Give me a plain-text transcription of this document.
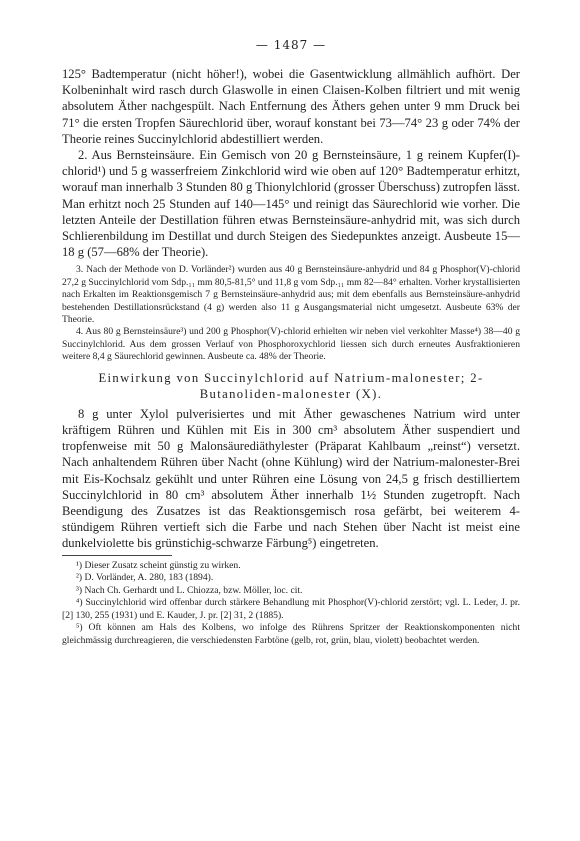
— 1487 —

125° Badtemperatur (nicht höher!), wobei die Gasentwicklung allmählich aufhört. Der Kolbeninhalt wird rasch durch Glaswolle in einen Claisen-Kolben filtriert und mit wenig absolutem Äther nachgespült. Nach Entfernung des Äthers gehen unter 9 mm Druck bei 71° die ersten Tropfen Säurechlorid über, worauf konstant bei 73—74° 23 g oder 74% der Theorie reines Succinylchlorid abdestilliert werden.

2. Aus Bernsteinsäure. Ein Gemisch von 20 g Bernsteinsäure, 1 g reinem Kupfer(I)-chlorid¹) und 5 g wasserfreiem Zinkchlorid wird wie oben auf 120° Badtemperatur erhitzt, worauf man innerhalb 3 Stunden 80 g Thionylchlorid (grosser Überschuss) zutropfen lässt. Man erhitzt noch 25 Stunden auf 140—145° und reinigt das Säurechlorid wie vorher. Die letzten Anteile der Destillation führen etwas Bernsteinsäure-anhydrid mit, was sich durch Schlierenbildung im Destillat und durch Steigen des Siedepunktes anzeigt. Ausbeute 15—18 g (57—68% der Theorie).

3. Nach der Methode von D. Vorländer²) wurden aus 40 g Bernsteinsäure-anhydrid und 84 g Phosphor(V)-chlorid 27,2 g Succinylchlorid vom Sdp.₁₁ mm 80,5-81,5° und 11,8 g vom Sdp.₁₁ mm 82—84° erhalten. Vorher krystallisierten nach Erkalten im Reaktionsgemisch 7 g Bernsteinsäure-anhydrid aus; mit dem ebenfalls aus Bernsteinsäure-anhydrid bestehenden Destillationsrückstand (4 g) werden also 11 g Ausgangsmaterial nicht umgesetzt. Ausbeute 63% der Theorie.

4. Aus 80 g Bernsteinsäure³) und 200 g Phosphor(V)-chlorid erhielten wir neben viel verkohlter Masse⁴) 38—40 g Succinylchlorid. Aus dem grossen Verlauf von Phosphoroxychlorid liessen sich durch erneutes Ausfraktionieren weitere 8,4 g Säurechlorid gewinnen. Ausbeute ca. 48% der Theorie.

Einwirkung von Succinylchlorid auf Natrium-malonester; 2-Butanoliden-malonester (X).

8 g unter Xylol pulverisiertes und mit Äther gewaschenes Natrium wird unter kräftigem Rühren und Kühlen mit Eis in 300 cm³ absolutem Äther suspendiert und tropfenweise mit 50 g Malonsäurediäthylester (Präparat Kahlbaum „reinst“) versetzt. Nach anhaltendem Rühren über Nacht (ohne Kühlung) wird der Natrium-malonester-Brei mit Eis-Kochsalz gekühlt und unter Rühren eine Lösung von 24,5 g frisch destilliertem Succinylchlorid in 80 cm³ absolutem Äther innerhalb 1½ Stunden zugetropft. Nach Beendigung des Zusatzes ist das Reaktionsgemisch rosa gefärbt, bei weiterem 4-stündigem Rühren vertieft sich die Farbe und nach Stehen über Nacht ist meist eine dunkelviolette bis grünstichig-schwarze Färbung⁵) eingetreten.

¹) Dieser Zusatz scheint günstig zu wirken.

²) D. Vorländer, A. 280, 183 (1894).

³) Nach Ch. Gerhardt und L. Chiozza, bzw. Möller, loc. cit.

⁴) Succinylchlorid wird offenbar durch stärkere Behandlung mit Phosphor(V)-chlorid zerstört; vgl. L. Leder, J. pr. [2] 130, 255 (1931) und E. Kauder, J. pr. [2] 31, 2 (1885).

⁵) Oft können am Hals des Kolbens, wo infolge des Rührens Spritzer der Reaktionskomponenten nicht gleichmässig durchreagieren, die verschiedensten Farbtöne (gelb, rot, grün, blau, violett) beobachtet werden.
